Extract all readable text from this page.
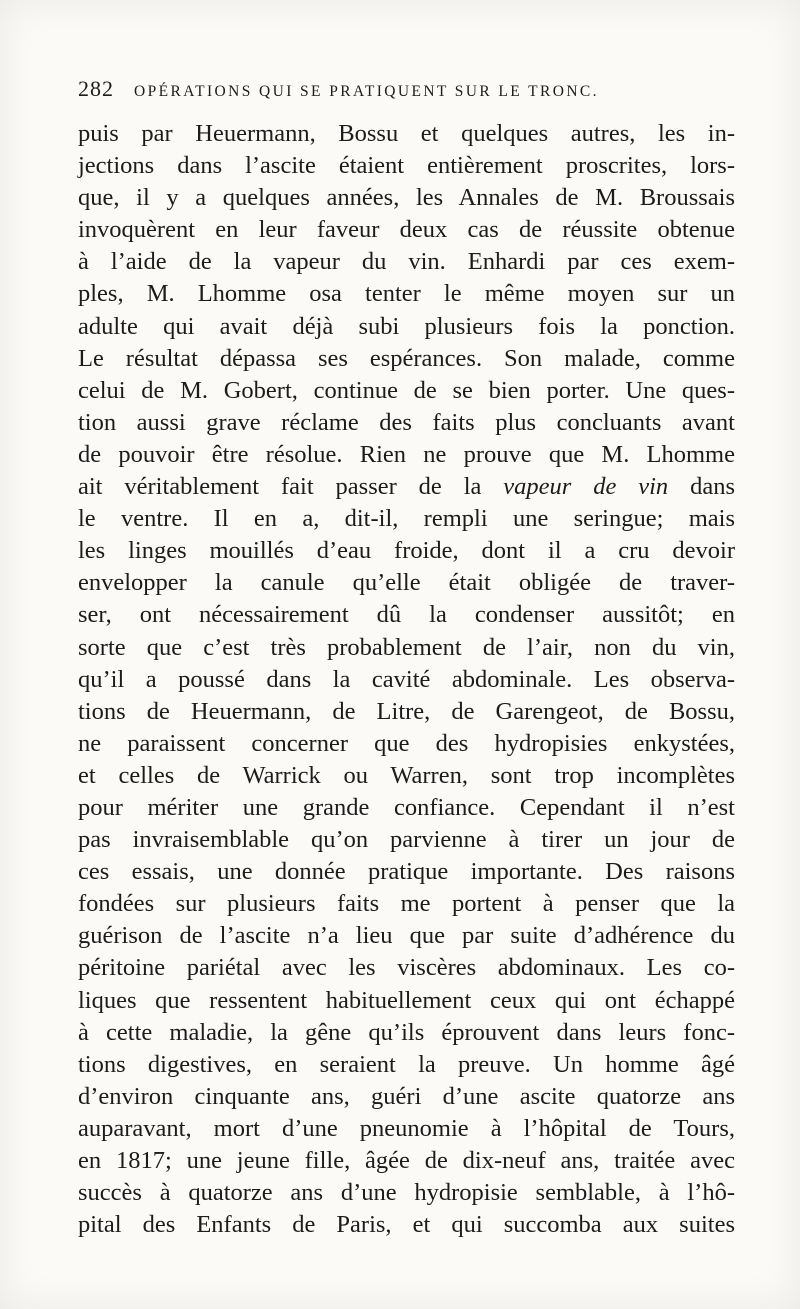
282 OPÉRATIONS QUI SE PRATIQUENT SUR LE TRONC.
puis par Heuermann, Bossu et quelques autres, les in-
jections dans l’ascite étaient entièrement proscrites, lors-
que, il y a quelques années, les Annales de M. Broussais
invoquèrent en leur faveur deux cas de réussite obtenue
à l’aide de la vapeur du vin. Enhardi par ces exem-
ples, M. Lhomme osa tenter le même moyen sur un
adulte qui avait déjà subi plusieurs fois la ponction.
Le résultat dépassa ses espérances. Son malade, comme
celui de M. Gobert, continue de se bien porter. Une ques-
tion aussi grave réclame des faits plus concluants avant
de pouvoir être résolue. Rien ne prouve que M. Lhomme
ait véritablement fait passer de la vapeur de vin dans
le ventre. Il en a, dit-il, rempli une seringue; mais
les linges mouillés d’eau froide, dont il a cru devoir
envelopper la canule qu’elle était obligée de traver-
ser, ont nécessairement dû la condenser aussitôt; en
sorte que c’est très probablement de l’air, non du vin,
qu’il a poussé dans la cavité abdominale. Les observa-
tions de Heuermann, de Litre, de Garengeot, de Bossu,
ne paraissent concerner que des hydropisies enkystées,
et celles de Warrick ou Warren, sont trop incomplètes
pour mériter une grande confiance. Cependant il n’est
pas invraisemblable qu’on parvienne à tirer un jour de
ces essais, une donnée pratique importante. Des raisons
fondées sur plusieurs faits me portent à penser que la
guérison de l’ascite n’a lieu que par suite d’adhérence du
péritoine pariétal avec les viscères abdominaux. Les co-
liques que ressentent habituellement ceux qui ont échappé
à cette maladie, la gêne qu’ils éprouvent dans leurs fonc-
tions digestives, en seraient la preuve. Un homme âgé
d’environ cinquante ans, guéri d’une ascite quatorze ans
auparavant, mort d’une pneunomie à l’hôpital de Tours,
en 1817; une jeune fille, âgée de dix-neuf ans, traitée avec
succès à quatorze ans d’une hydropisie semblable, à l’hô-
pital des Enfants de Paris, et qui succomba aux suites
